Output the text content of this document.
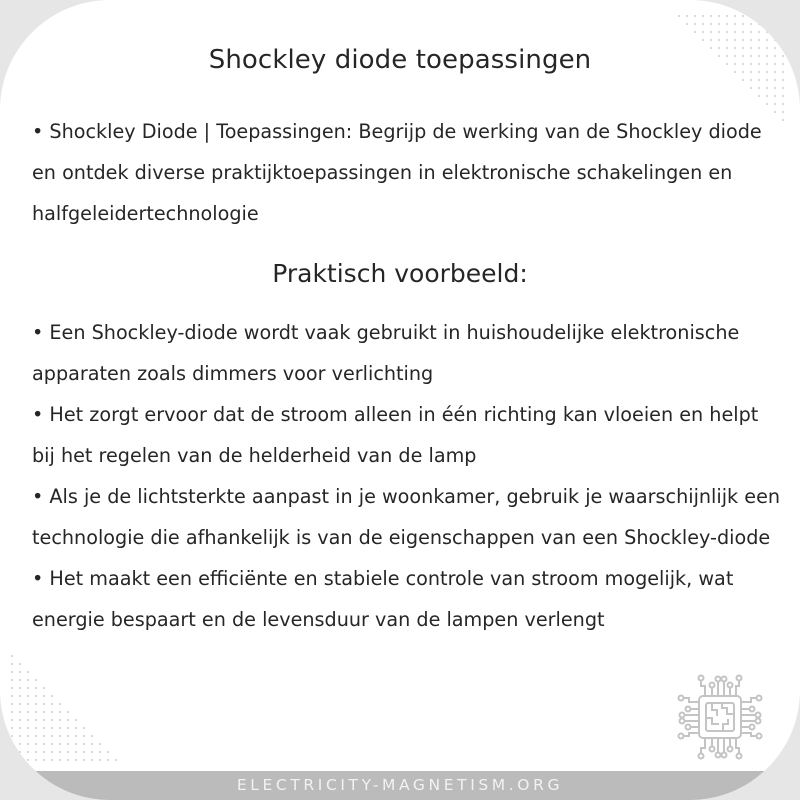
Shockley diode toepassingen
• Shockley Diode | Toepassingen: Begrijp de werking van de Shockley diode en ontdek diverse praktijktoepassingen in elektronische schakelingen en halfgeleidertechnologie
Praktisch voorbeeld:
• Een Shockley-diode wordt vaak gebruikt in huishoudelijke elektronische apparaten zoals dimmers voor verlichting
• Het zorgt ervoor dat de stroom alleen in één richting kan vloeien en helpt bij het regelen van de helderheid van de lamp
• Als je de lichtsterkte aanpast in je woonkamer, gebruik je waarschijnlijk een technologie die afhankelijk is van de eigenschappen van een Shockley-diode
• Het maakt een efficiënte en stabiele controle van stroom mogelijk, wat energie bespaart en de levensduur van de lampen verlengt
ELECTRICITY-MAGNETISM.ORG
